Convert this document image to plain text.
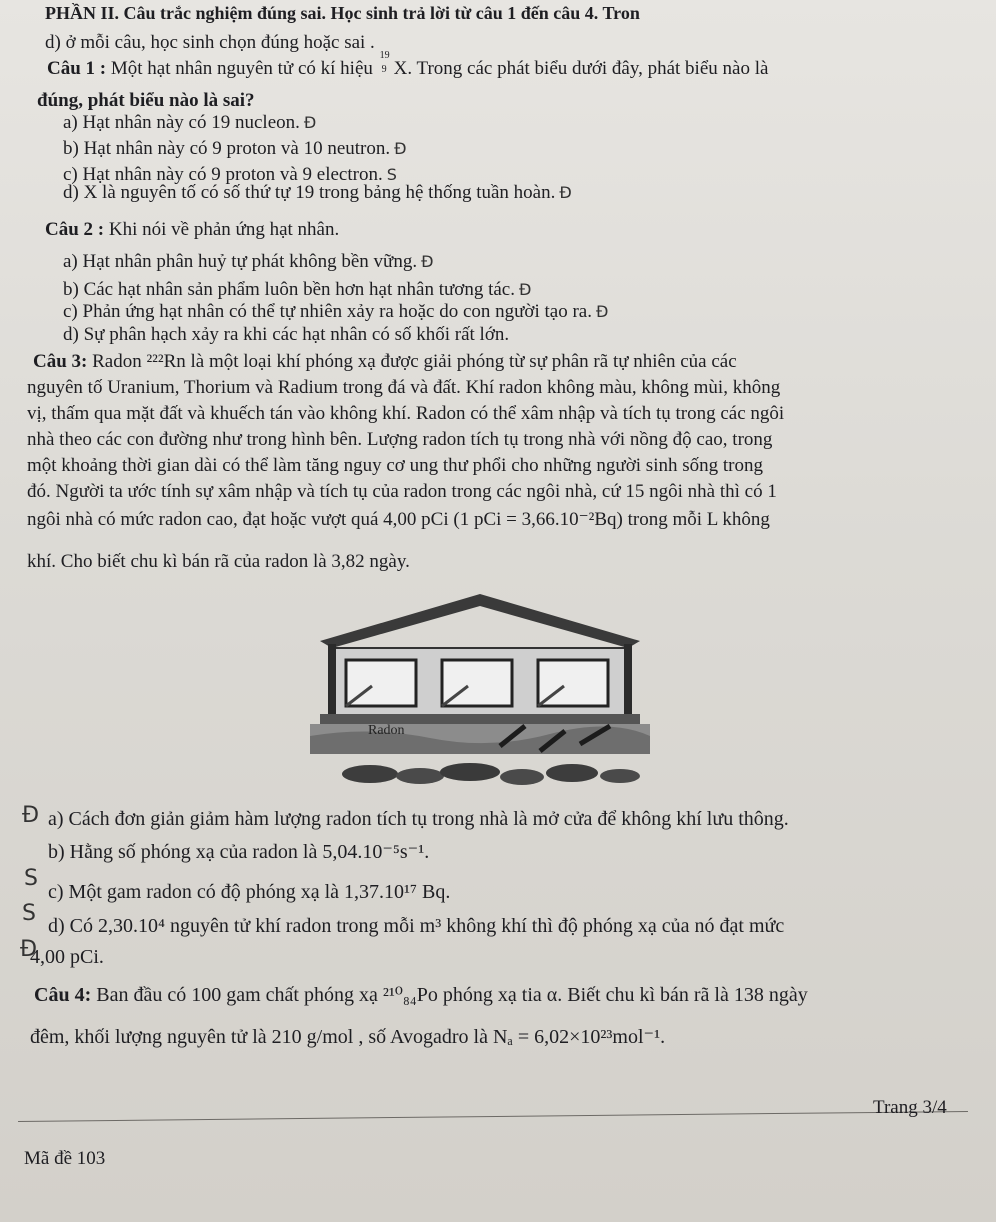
PHẦN II. Câu trắc nghiệm đúng sai. Học sinh trả lời từ câu 1 đến câu 4. Tron
d) ở mỗi câu, học sinh chọn đúng hoặc sai .
Câu 1 : Một hạt nhân nguyên tử có kí hiệu
19
9 X. Trong các phát biểu dưới đây, phát biểu nào là
đúng, phát biểu nào là sai?
a) Hạt nhân này có 19 nucleon. Đ
b) Hạt nhân này có 9 proton và 10 neutron. Đ
c) Hạt nhân này có 9 proton và 9 electron. S
d) X là nguyên tố có số thứ tự 19 trong bảng hệ thống tuần hoàn. Đ
Câu 2 : Khi nói về phản ứng hạt nhân.
a) Hạt nhân phân huỷ tự phát không bền vững. Đ
b) Các hạt nhân sản phẩm luôn bền hơn hạt nhân tương tác. Đ
c) Phản ứng hạt nhân có thể tự nhiên xảy ra hoặc do con người tạo ra. Đ
d) Sự phân hạch xảy ra khi các hạt nhân có số khối rất lớn.
Câu 3: Radon ²²²Rn là một loại khí phóng xạ được giải phóng từ sự phân rã tự nhiên của các
nguyên tố Uranium, Thorium và Radium trong đá và đất. Khí radon không màu, không mùi, không
vị, thấm qua mặt đất và khuếch tán vào không khí. Radon có thể xâm nhập và tích tụ trong các ngôi
nhà theo các con đường như trong hình bên. Lượng radon tích tụ trong nhà với nồng độ cao, trong
một khoảng thời gian dài có thể làm tăng nguy cơ ung thư phổi cho những người sinh sống trong
đó. Người ta ước tính sự xâm nhập và tích tụ của radon trong các ngôi nhà, cứ 15 ngôi nhà thì có 1
ngôi nhà có mức radon cao, đạt hoặc vượt quá 4,00 pCi (1 pCi = 3,66.10⁻²Bq) trong mỗi L không
khí. Cho biết chu kì bán rã của radon là 3,82 ngày.
Radon
Đ a) Cách đơn giản giảm hàm lượng radon tích tụ trong nhà là mở cửa để không khí lưu thông.
S
b) Hằng số phóng xạ của radon là 5,04.10⁻⁵s⁻¹.
S
c) Một gam radon có độ phóng xạ là 1,37.10¹⁷ Bq.
Đ
d) Có 2,30.10⁴ nguyên tử khí radon trong mỗi m³ không khí thì độ phóng xạ của nó đạt mức
4,00 pCi.
Câu 4: Ban đầu có 100 gam chất phóng xạ ²¹⁰₈₄Po phóng xạ tia α. Biết chu kì bán rã là 138 ngày
đêm, khối lượng nguyên tử là 210 g/mol , số Avogadro là Nₐ = 6,02×10²³mol⁻¹.
Trang 3/4
Mã đề 103
